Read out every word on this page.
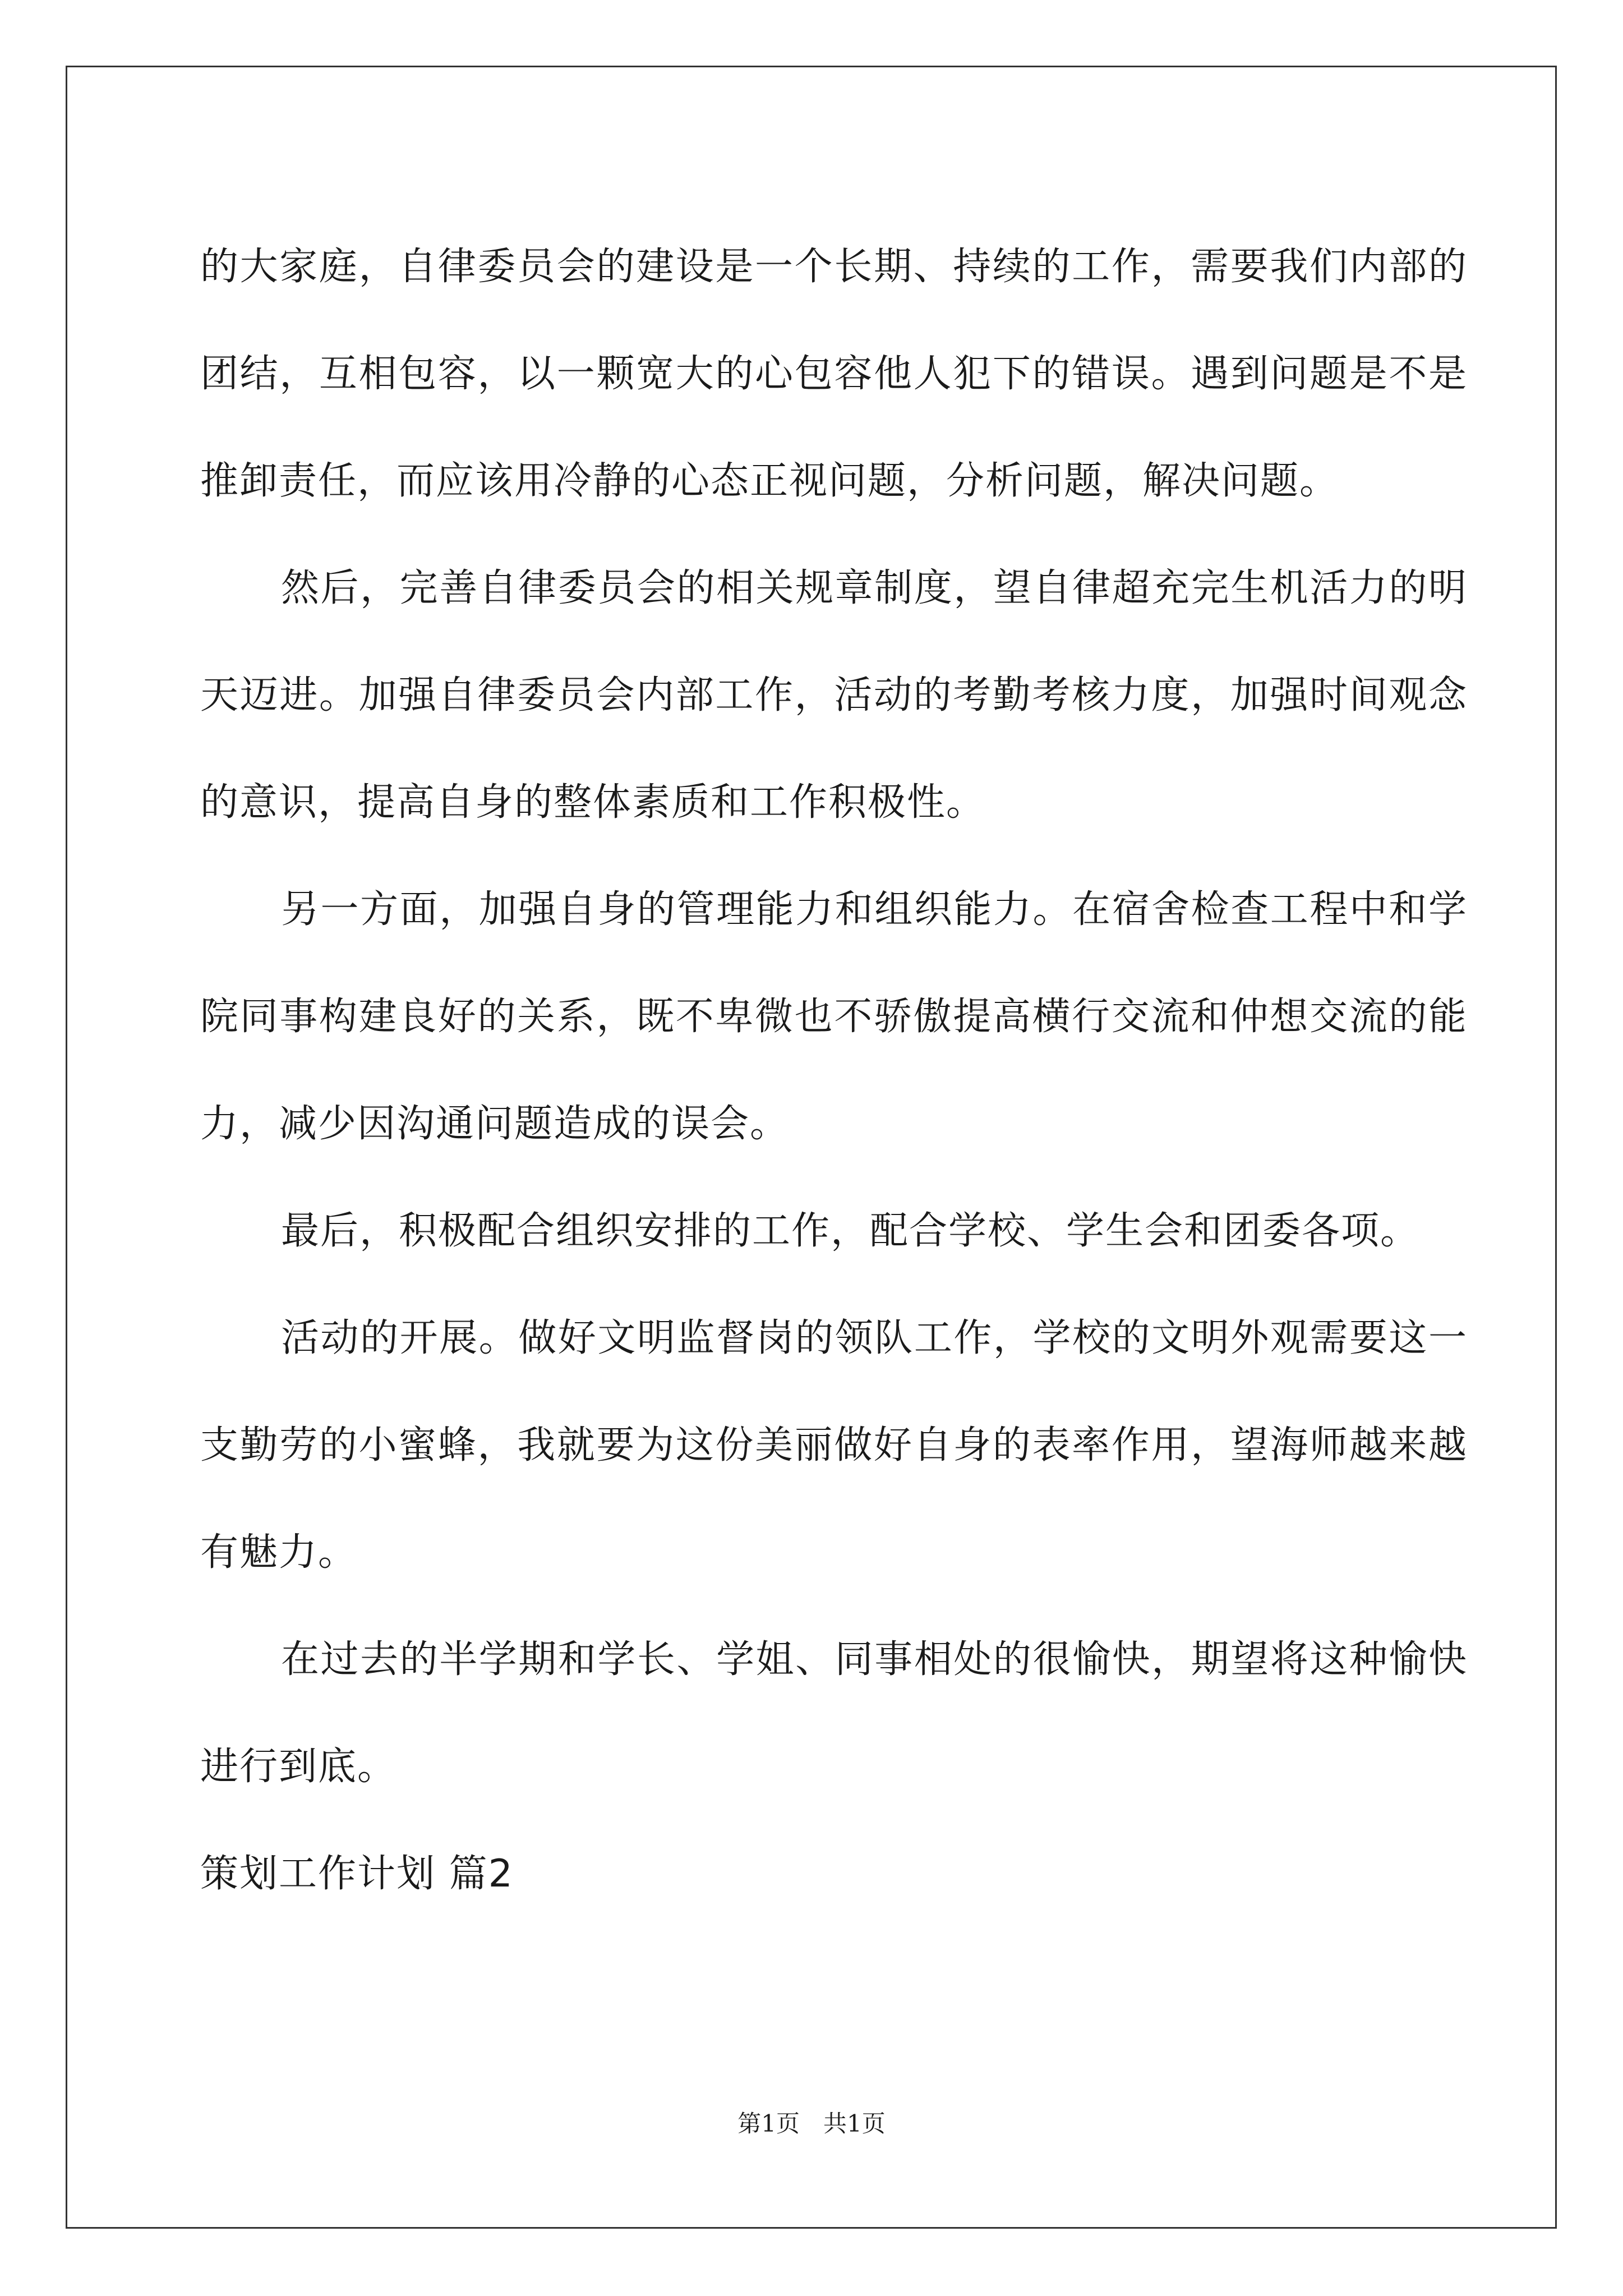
的大家庭，自律委员会的建设是一个长期、持续的工作，需要我们内部的团结，互相包容，以一颗宽大的心包容他人犯下的错误。遇到问题是不是推卸责任，而应该用冷静的心态正视问题，分析问题，解决问题。

然后，完善自律委员会的相关规章制度，望自律超充完生机活力的明天迈进。加强自律委员会内部工作，活动的考勤考核力度，加强时间观念的意识，提高自身的整体素质和工作积极性。

另一方面，加强自身的管理能力和组织能力。在宿舍检查工程中和学院同事构建良好的关系，既不卑微也不骄傲提高横行交流和仲想交流的能力，减少因沟通问题造成的误会。

最后，积极配合组织安排的工作，配合学校、学生会和团委各项。

活动的开展。做好文明监督岗的领队工作，学校的文明外观需要这一支勤劳的小蜜蜂，我就要为这份美丽做好自身的表率作用，望海师越来越有魅力。

在过去的半学期和学长、学姐、同事相处的很愉快，期望将这种愉快进行到底。

策划工作计划 篇2

第1页　共1页
